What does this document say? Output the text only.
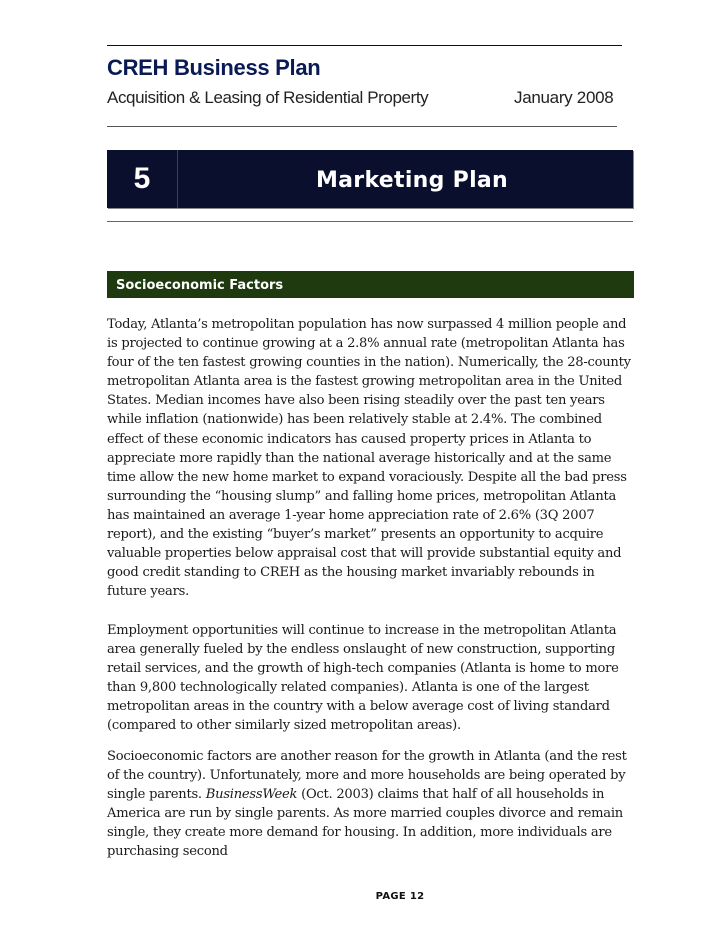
CREH Business Plan
Acquisition & Leasing of Residential Property	January 2008
5	Marketing Plan
Socioeconomic Factors

Today, Atlanta’s metropolitan population has now surpassed 4 million people and is projected to continue growing at a 2.8% annual rate (metropolitan Atlanta has four of the ten fastest growing counties in the nation). Numerically, the 28-county metropolitan Atlanta area is the fastest growing metropolitan area in the United States. Median incomes have also been rising steadily over the past ten years while inflation (nationwide) has been relatively stable at 2.4%. The combined effect of these economic indicators has caused property prices in Atlanta to appreciate more rapidly than the national average historically and at the same time allow the new home market to expand voraciously. Despite all the bad press surrounding the “housing slump” and falling home prices, metropolitan Atlanta has maintained an average 1-year home appreciation rate of 2.6% (3Q 2007 report), and the existing “buyer’s market” presents an opportunity to acquire valuable properties below appraisal cost that will provide substantial equity and good credit standing to CREH as the housing market invariably rebounds in future years.

Employment opportunities will continue to increase in the metropolitan Atlanta area generally fueled by the endless onslaught of new construction, supporting retail services, and the growth of high-tech companies (Atlanta is home to more than 9,800 technologically related companies). Atlanta is one of the largest metropolitan areas in the country with a below average cost of living standard (compared to other similarly sized metropolitan areas).

Socioeconomic factors are another reason for the growth in Atlanta (and the rest of the country). Unfortunately, more and more households are being operated by single parents. BusinessWeek (Oct. 2003) claims that half of all households in America are run by single parents. As more married couples divorce and remain single, they create more demand for housing. In addition, more individuals are purchasing second

PAGE 12
